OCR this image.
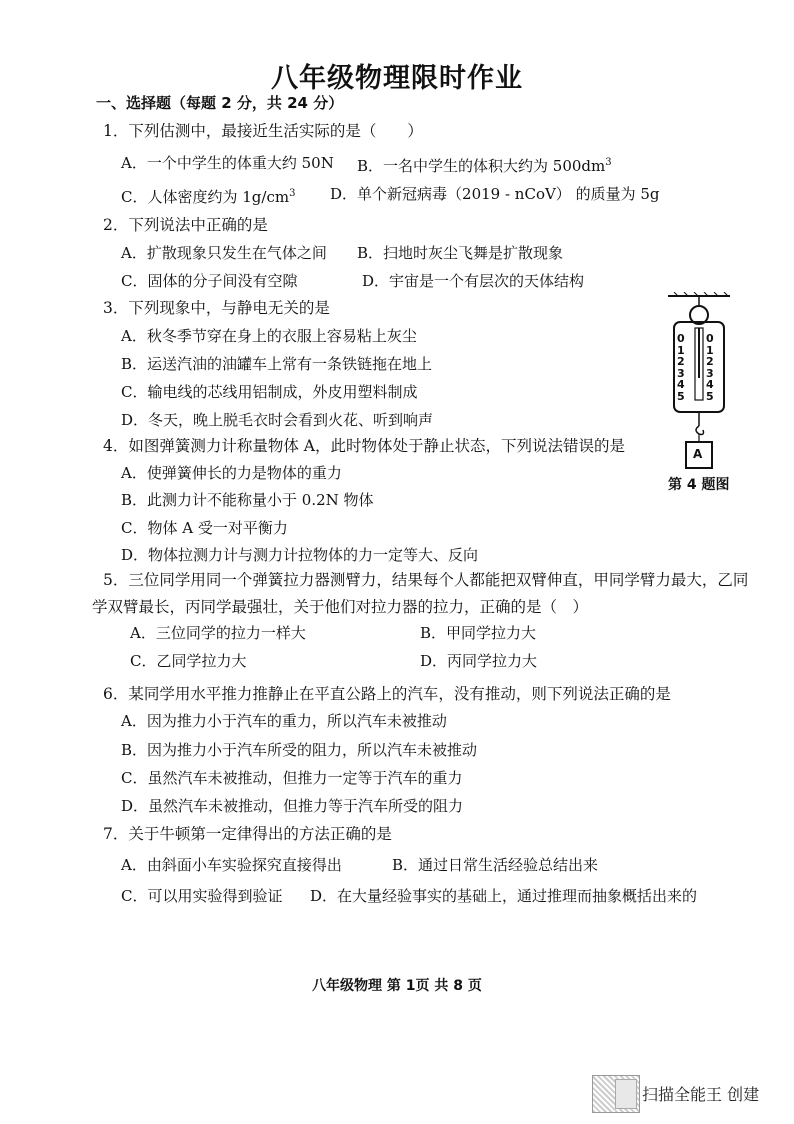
八年级物理限时作业
一、选择题（每题 2 分，共 24 分）
1．下列估测中，最接近生活实际的是（　　）
A．一个中学生的体重大约 50N B．一名中学生的体积大约为 $500dm^3$
C．人体密度约为 $1g/cm^3$ D．单个新冠病毒（2019 - nCoV） 的质量为 5g
2．下列说法中正确的是
A．扩散现象只发生在气体之间 B．扫地时灰尘飞舞是扩散现象
C．固体的分子间没有空隙	D．宇宙是一个有层次的天体结构
3．下列现象中，与静电无关的是
A．秋冬季节穿在身上的衣服上容易粘上灰尘
B．运送汽油的油罐车上常有一条铁链拖在地上
C．输电线的芯线用铝制成，外皮用塑料制成
D．冬天，晚上脱毛衣时会看到火花、听到响声
4．如图弹簧测力计称量物体 A，此时物体处于静止状态，下列说法错误的是
A．使弹簧伸长的力是物体的重力
B．此测力计不能称量小于 0.2N 物体
C．物体 A 受一对平衡力
D．物体拉测力计与测力计拉物体的力一定等大、反向
5．三位同学用同一个弹簧拉力器测臂力，结果每个人都能把双臂伸直，甲同学臂力最大，乙同
学双臂最长，丙同学最强壮，关于他们对拉力器的拉力，正确的是（　）
A．三位同学的拉力一样大	B．甲同学拉力大
C．乙同学拉力大	D．丙同学拉力大
6．某同学用水平推力推静止在平直公路上的汽车，没有推动，则下列说法正确的是
A．因为推力小于汽车的重力，所以汽车未被推动
B．因为推力小于汽车所受的阻力，所以汽车未被推动
C．虽然汽车未被推动，但推力一定等于汽车的重力
D．虽然汽车未被推动，但推力等于汽车所受的阻力
7．关于牛顿第一定律得出的方法正确的是
A．由斜面小车实验探究直接得出	B．通过日常生活经验总结出来
C．可以用实验得到验证 D．在大量经验事实的基础上，通过推理而抽象概括出来的
0
1
2
3
4
5
0
1
2
3
4
5
A
第 4 题图
八年级物理 第 1页 共 8 页
扫描全能王 创建
